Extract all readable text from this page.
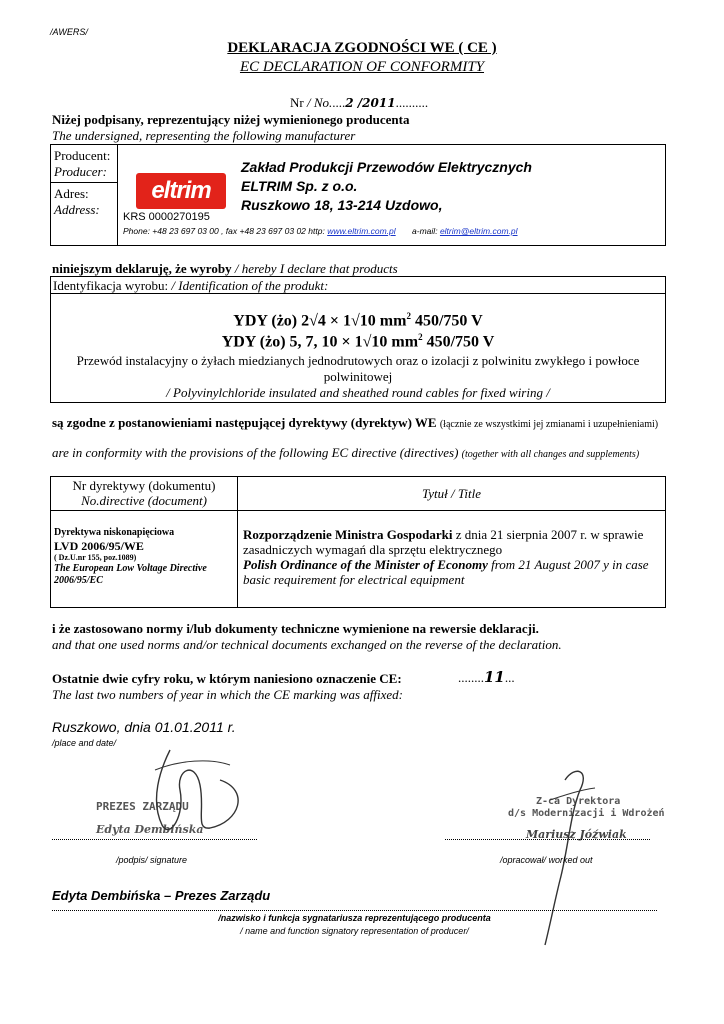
/AWERS/
DEKLARACJA ZGODNOŚCI WE ( CE )
EC DECLARATION OF CONFORMITY
Nr / No.....2 /2011..........
Niżej podpisany, reprezentujący niżej wymienionego producenta
The undersigned, representing the following manufacturer
Producent:
Producer:
Adres:
Address:
eltrim
Zakład Produkcji Przewodów Elektrycznych
ELTRIM Sp. z o.o.
Ruszkowo 18, 13-214 Uzdowo,
KRS 0000270195
Phone: +48 23 697 03 00 , fax +48 23 697 03 02 http: www.eltrim.com.pl a-mail: eltrim@eltrim.com.pl
niniejszym deklaruję, że wyroby / hereby I declare that products
Identyfikacja wyrobu: / Identification of the produkt:
YDY (żo) 2√4 × 1√10 $mm^2$ 450/750 V
YDY (żo) 5, 7, 10 × 1√10 $mm^2$ 450/750 V
Przewód instalacyjny o żyłach miedzianych jednodrutowych oraz o izolacji z polwinitu zwykłego i powłoce polwinitowej
/ Polyvinylchloride insulated and sheathed round cables for fixed wiring /
są zgodne z postanowieniami następującej dyrektywy (dyrektyw) WE (łącznie ze wszystkimi jej zmianami i uzupełnieniami)
are in conformity with the provisions of the following EC directive (directives) (together with all changes and supplements)
Nr dyrektywy (dokumentu)
No.directive (document)	Tytuł / Title
Dyrektywa niskonapięciowa
LVD 2006/95/WE
( Dz.U.nr 155, poz.1089)
The European Low Voltage Directive 2006/95/EC
Rozporządzenie Ministra Gospodarki z dnia 21 sierpnia 2007 r. w sprawie zasadniczych wymagań dla sprzętu elektrycznego
Polish Ordinance of the Minister of Economy from 21 August 2007 y in case basic requirement for electrical equipment
i że zastosowano normy i/lub dokumenty techniczne wymienione na rewersie deklaracji.
and that one used norms and/or technical documents exchanged on the reverse of the declaration.
Ostatnie dwie cyfry roku, w którym naniesiono oznaczenie CE:	........11...
The last two numbers of year in which the CE marking was affixed:
Ruszkowo, dnia 01.01.2011 r.
/place and date/
PREZES ZARZĄDU
Edyta Dembińska
/podpis/ signature
Z-ca Dyrektora
d/s Modernizacji i Wdrożeń
Mariusz Jóźwiak
/opracował/ worked out
Edyta Dembińska – Prezes Zarządu
/nazwisko i funkcja sygnatariusza reprezentującego producenta
/ name and function signatory representation of producer/
